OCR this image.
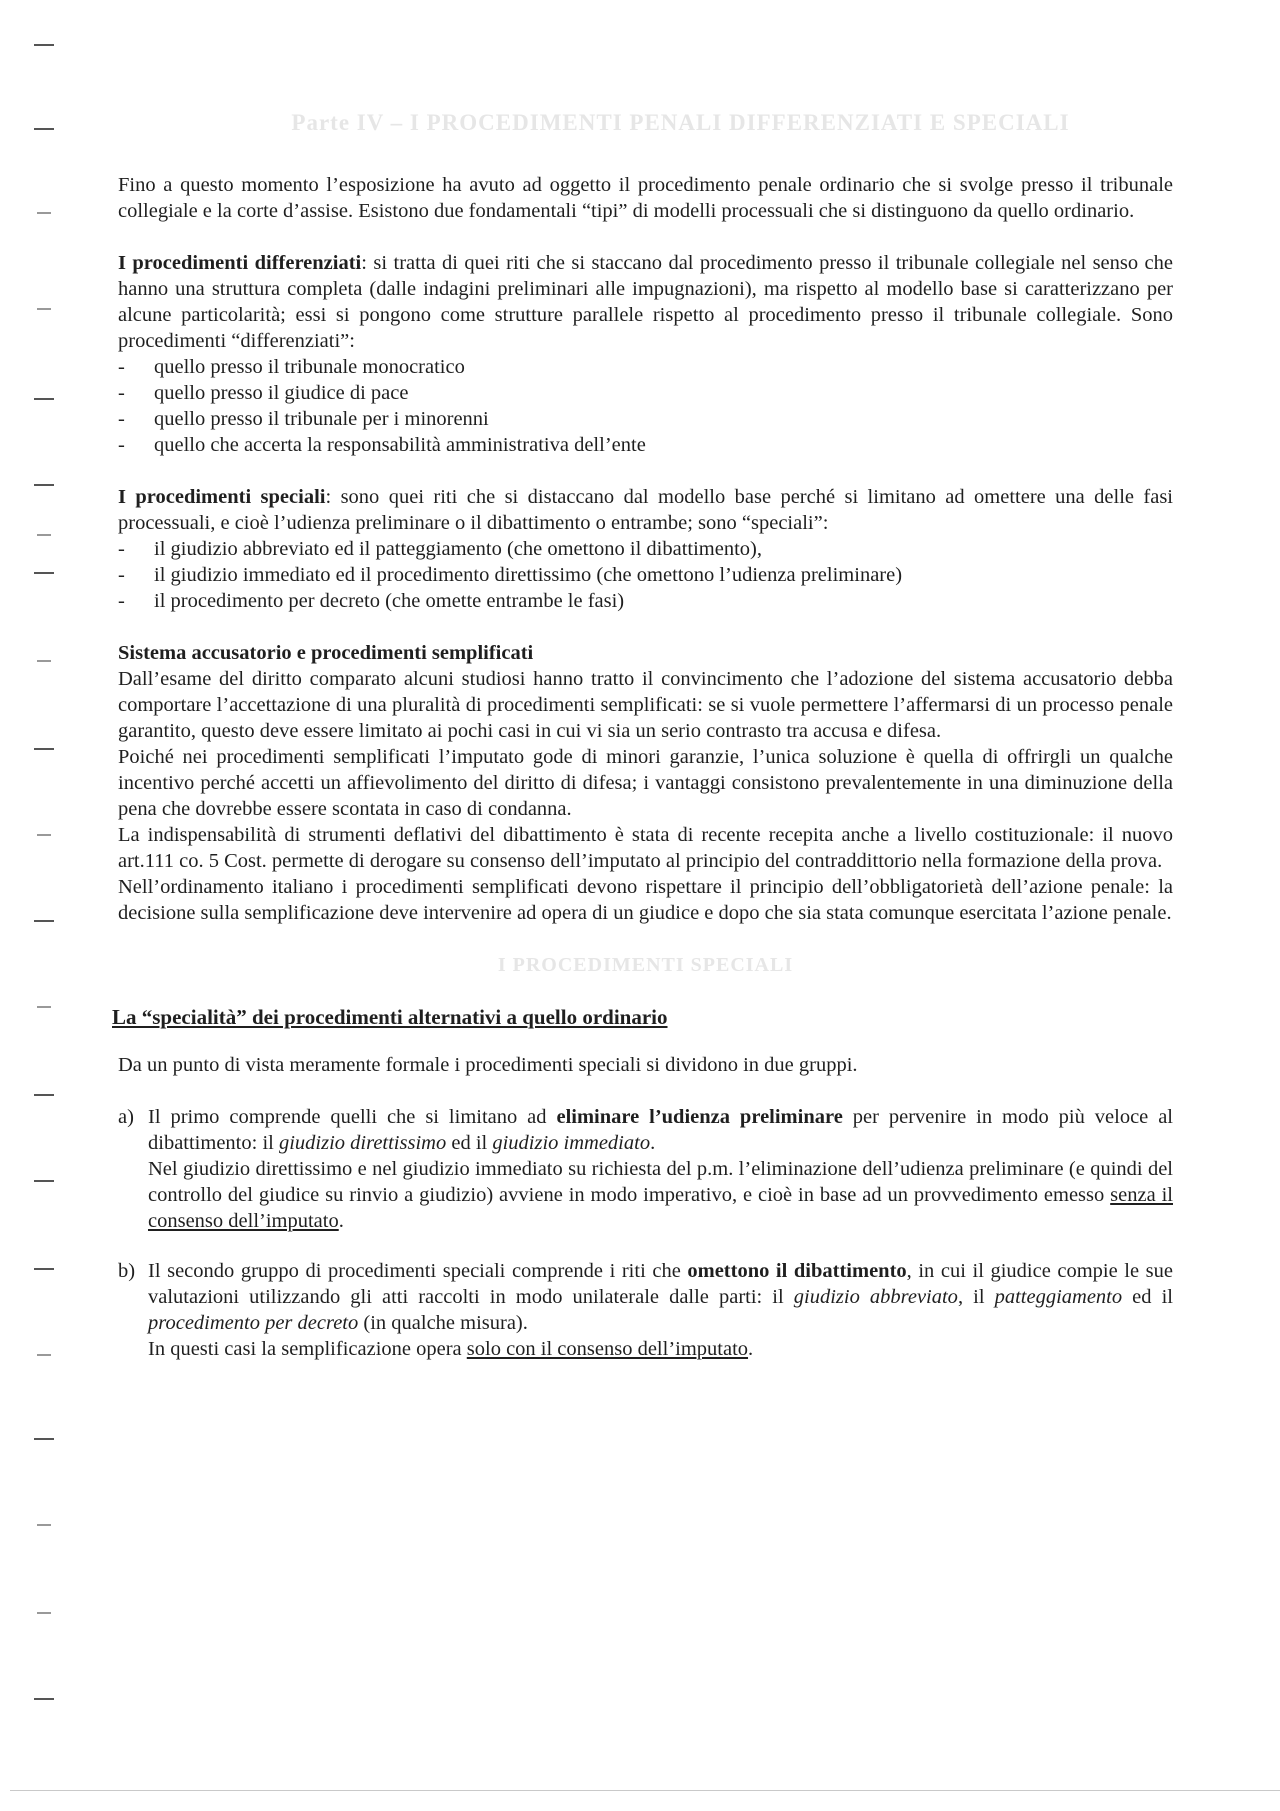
Parte IV – I PROCEDIMENTI PENALI DIFFERENZIATI E SPECIALI

Fino a questo momento l’esposizione ha avuto ad oggetto il procedimento penale ordinario che si svolge presso il tribunale collegiale e la corte d’assise. Esistono due fondamentali “tipi” di modelli processuali che si distinguono da quello ordinario.

I procedimenti differenziati: si tratta di quei riti che si staccano dal procedimento presso il tribunale collegiale nel senso che hanno una struttura completa (dalle indagini preliminari alle impugnazioni), ma rispetto al modello base si caratterizzano per alcune particolarità; essi si pongono come strutture parallele rispetto al procedimento presso il tribunale collegiale. Sono procedimenti “differenziati”:

- quello presso il tribunale monocratico
- quello presso il giudice di pace
- quello presso il tribunale per i minorenni
- quello che accerta la responsabilità amministrativa dell’ente

I procedimenti speciali: sono quei riti che si distaccano dal modello base perché si limitano ad omettere una delle fasi processuali, e cioè l’udienza preliminare o il dibattimento o entrambe; sono “speciali”:

- il giudizio abbreviato ed il patteggiamento (che omettono il dibattimento),
- il giudizio immediato ed il procedimento direttissimo (che omettono l’udienza preliminare)
- il procedimento per decreto (che omette entrambe le fasi)

Sistema accusatorio e procedimenti semplificati

Dall’esame del diritto comparato alcuni studiosi hanno tratto il convincimento che l’adozione del sistema accusatorio debba comportare l’accettazione di una pluralità di procedimenti semplificati: se si vuole permettere l’affermarsi di un processo penale garantito, questo deve essere limitato ai pochi casi in cui vi sia un serio contrasto tra accusa e difesa.

Poiché nei procedimenti semplificati l’imputato gode di minori garanzie, l’unica soluzione è quella di offrirgli un qualche incentivo perché accetti un affievolimento del diritto di difesa; i vantaggi consistono prevalentemente in una diminuzione della pena che dovrebbe essere scontata in caso di condanna.

La indispensabilità di strumenti deflativi del dibattimento è stata di recente recepita anche a livello costituzionale: il nuovo art.111 co. 5 Cost. permette di derogare su consenso dell’imputato al principio del contraddittorio nella formazione della prova.

Nell’ordinamento italiano i procedimenti semplificati devono rispettare il principio dell’obbligatorietà dell’azione penale: la decisione sulla semplificazione deve intervenire ad opera di un giudice e dopo che sia stata comunque esercitata l’azione penale.

I PROCEDIMENTI SPECIALI

La “specialità” dei procedimenti alternativi a quello ordinario

Da un punto di vista meramente formale i procedimenti speciali si dividono in due gruppi.

a) Il primo comprende quelli che si limitano ad eliminare l’udienza preliminare per pervenire in modo più veloce al dibattimento: il giudizio direttissimo ed il giudizio immediato.

Nel giudizio direttissimo e nel giudizio immediato su richiesta del p.m. l’eliminazione dell’udienza preliminare (e quindi del controllo del giudice su rinvio a giudizio) avviene in modo imperativo, e cioè in base ad un provvedimento emesso senza il consenso dell’imputato.

b) Il secondo gruppo di procedimenti speciali comprende i riti che omettono il dibattimento, in cui il giudice compie le sue valutazioni utilizzando gli atti raccolti in modo unilaterale dalle parti: il giudizio abbreviato, il patteggiamento ed il procedimento per decreto (in qualche misura).

In questi casi la semplificazione opera solo con il consenso dell’imputato.
